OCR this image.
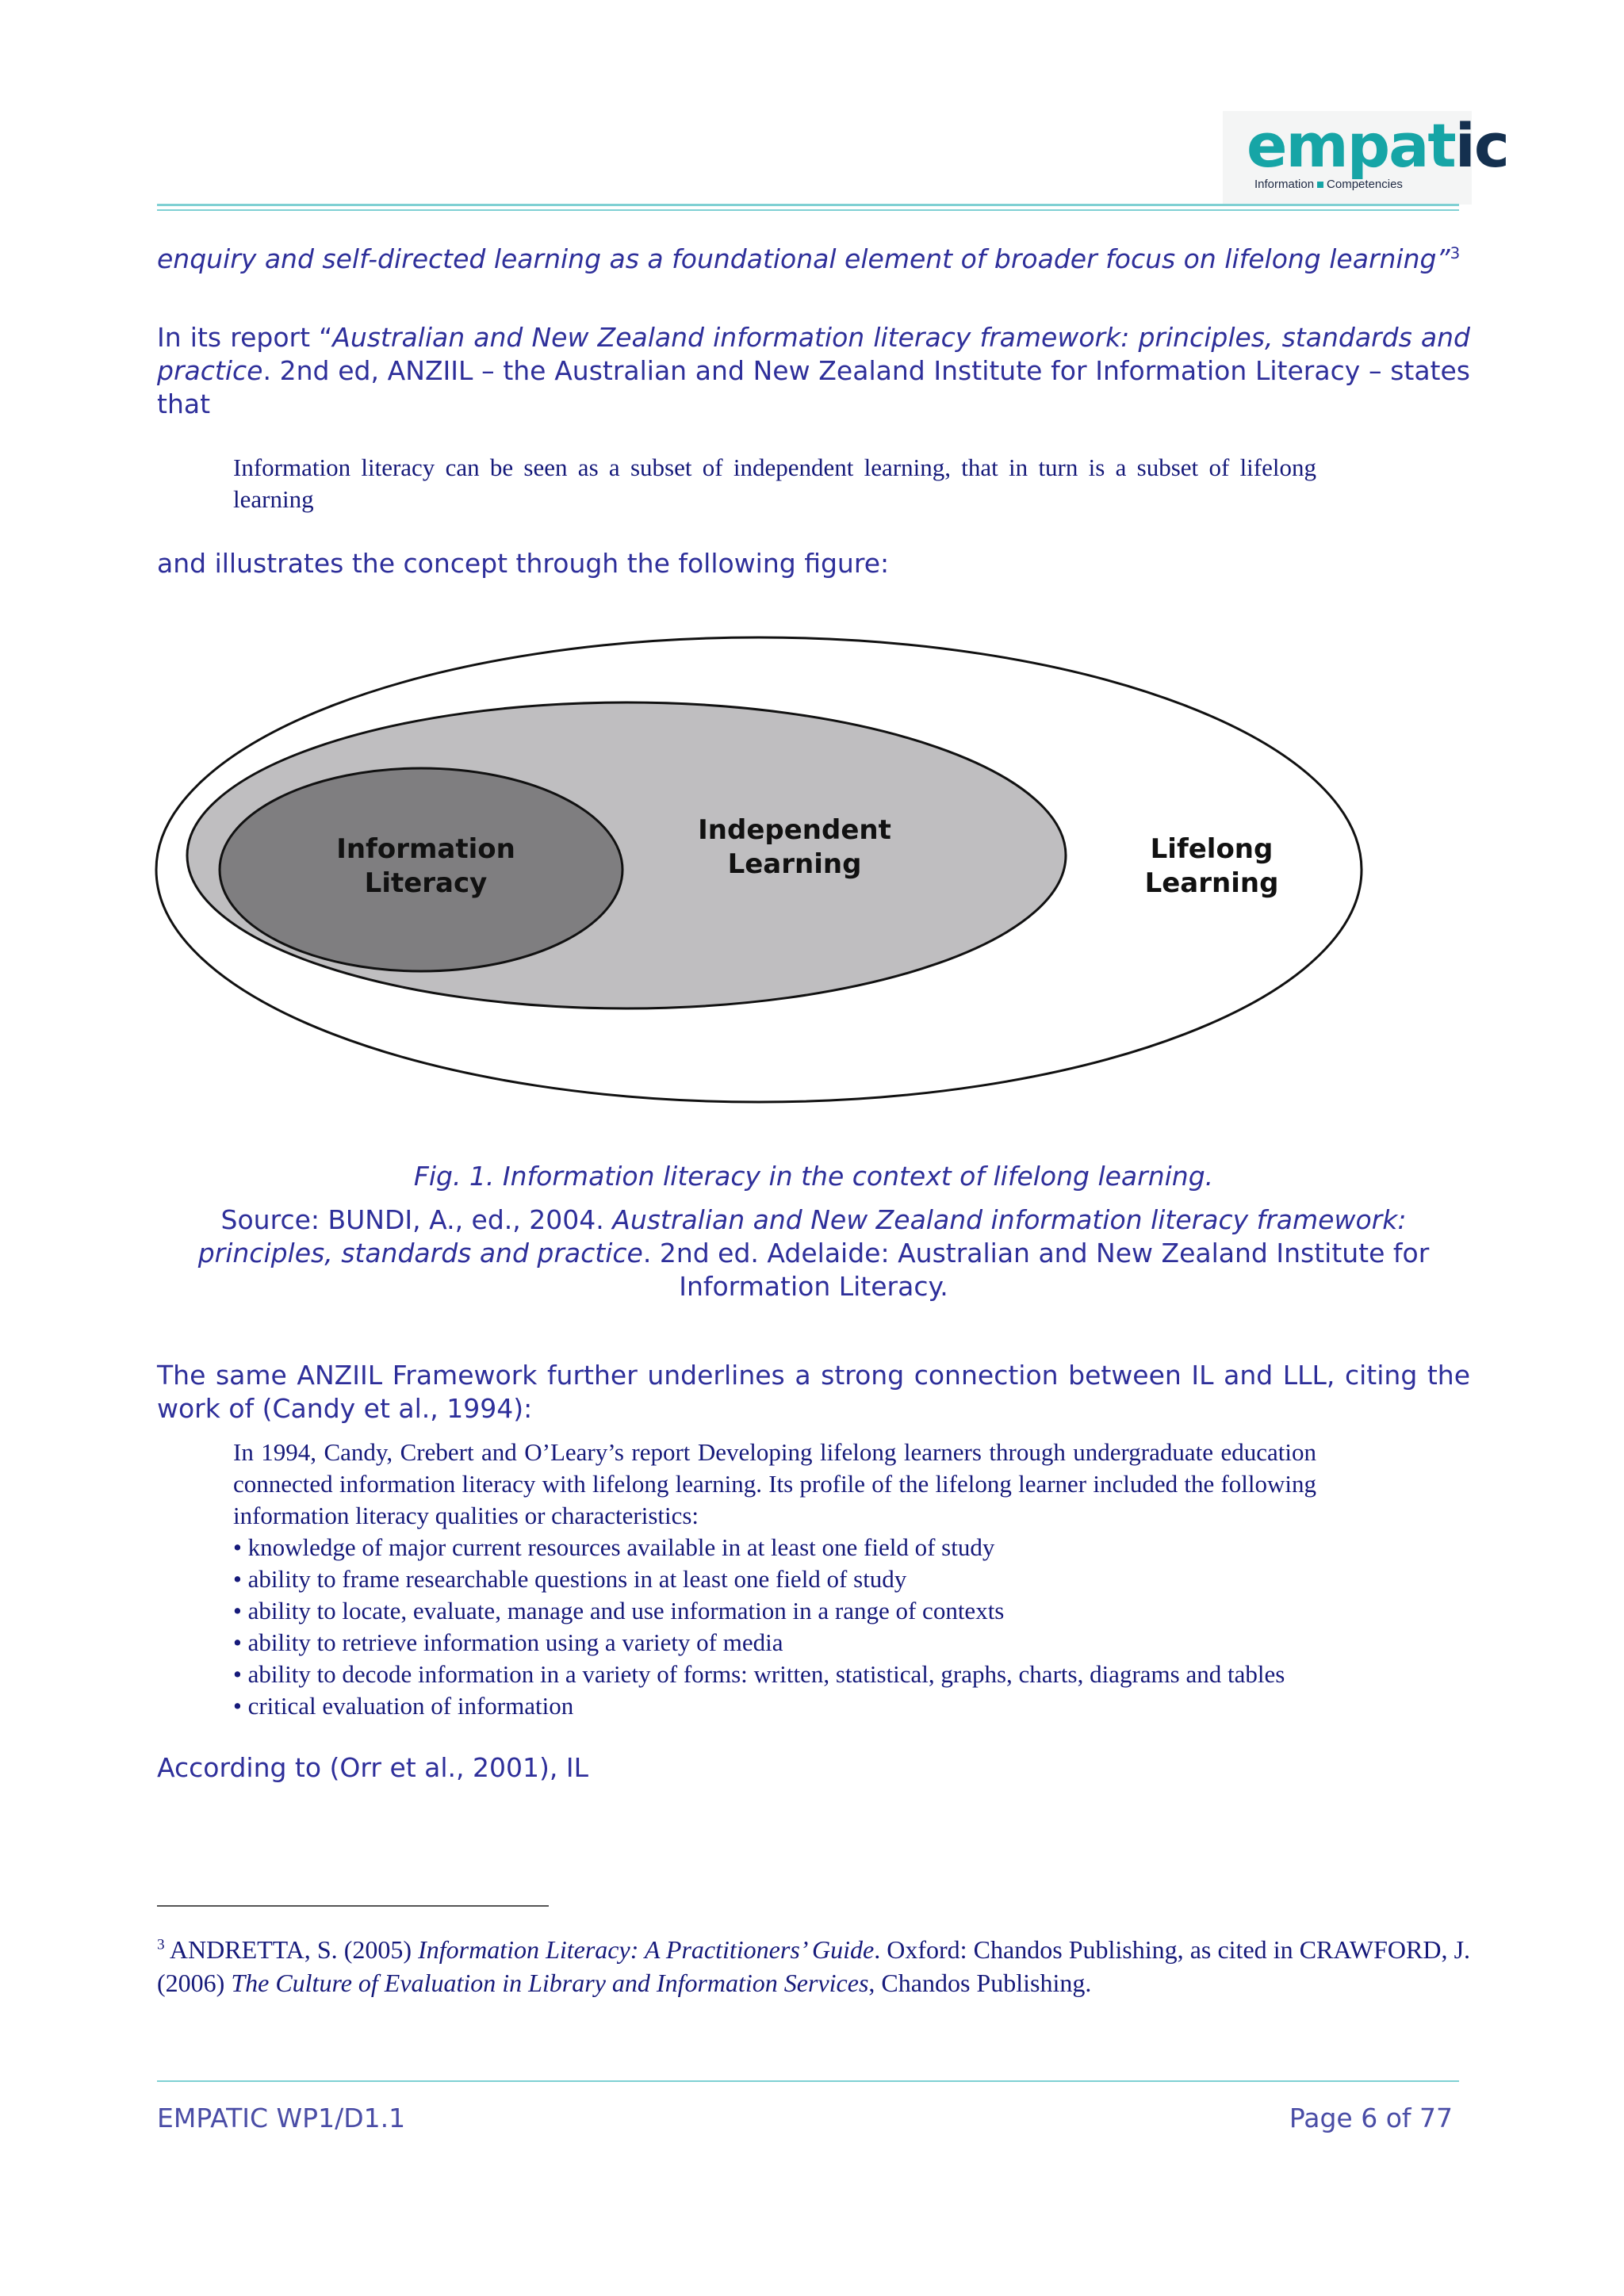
empatic
Information Competencies

enquiry and self-directed learning as a foundational element of broader focus on lifelong learning”$^3$

In its report “Australian and New Zealand information literacy framework: principles, standards and practice. 2nd ed, ANZIIL – the Australian and New Zealand Institute for Information Literacy – states that

Information literacy can be seen as a subset of independent learning, that in turn is a subset of lifelong learning

and illustrates the concept through the following figure:

Information
Literacy
Independent
Learning	Lifelong
Learning

Fig. 1. Information literacy in the context of lifelong learning.

Source: BUNDI, A., ed., 2004. Australian and New Zealand information literacy framework: principles, standards and practice. 2nd ed. Adelaide: Australian and New Zealand Institute for Information Literacy.

The same ANZIIL Framework further underlines a strong connection between IL and LLL, citing the work of (Candy et al., 1994):

In 1994, Candy, Crebert and O’Leary’s report Developing lifelong learners through undergraduate education connected information literacy with lifelong learning. Its profile of the lifelong learner included the following information literacy qualities or characteristics:

• knowledge of major current resources available in at least one field of study

• ability to frame researchable questions in at least one field of study

• ability to locate, evaluate, manage and use information in a range of contexts

• ability to retrieve information using a variety of media

• ability to decode information in a variety of forms: written, statistical, graphs, charts, diagrams and tables

• critical evaluation of information

According to (Orr et al., 2001), IL

$^3$ ANDRETTA, S. (2005) Information Literacy: A Practitioners’ Guide. Oxford: Chandos Publishing, as cited in CRAWFORD, J. (2006) The Culture of Evaluation in Library and Information Services, Chandos Publishing.

EMPATIC WP1/D1.1	Page 6 of 77
